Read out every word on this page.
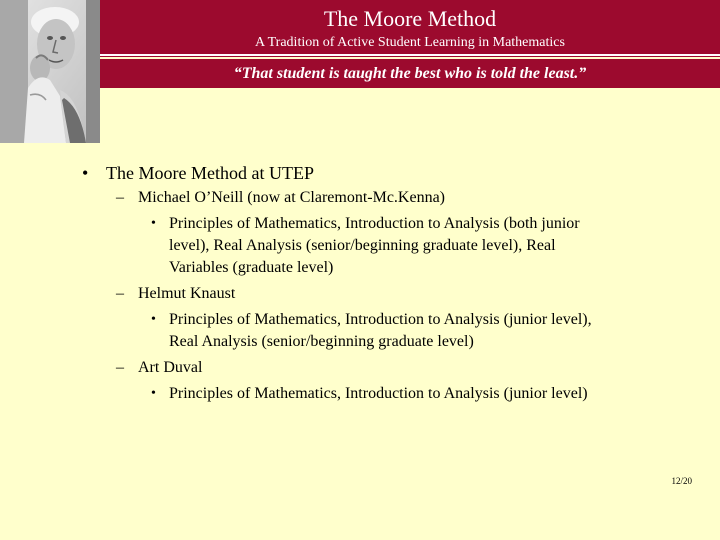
The Moore Method
A Tradition of Active Student Learning in Mathematics
“That student is taught the best who is told the least.”
• The Moore Method at UTEP
– Michael O’Neill (now at Claremont-Mc.Kenna)
• Principles of Mathematics, Introduction to Analysis (both junior
level), Real Analysis (senior/beginning graduate level), Real
Variables (graduate level)
– Helmut Knaust
• Principles of Mathematics, Introduction to Analysis (junior level),
Real Analysis (senior/beginning graduate level)
– Art Duval
• Principles of Mathematics, Introduction to Analysis (junior level)
12/20
